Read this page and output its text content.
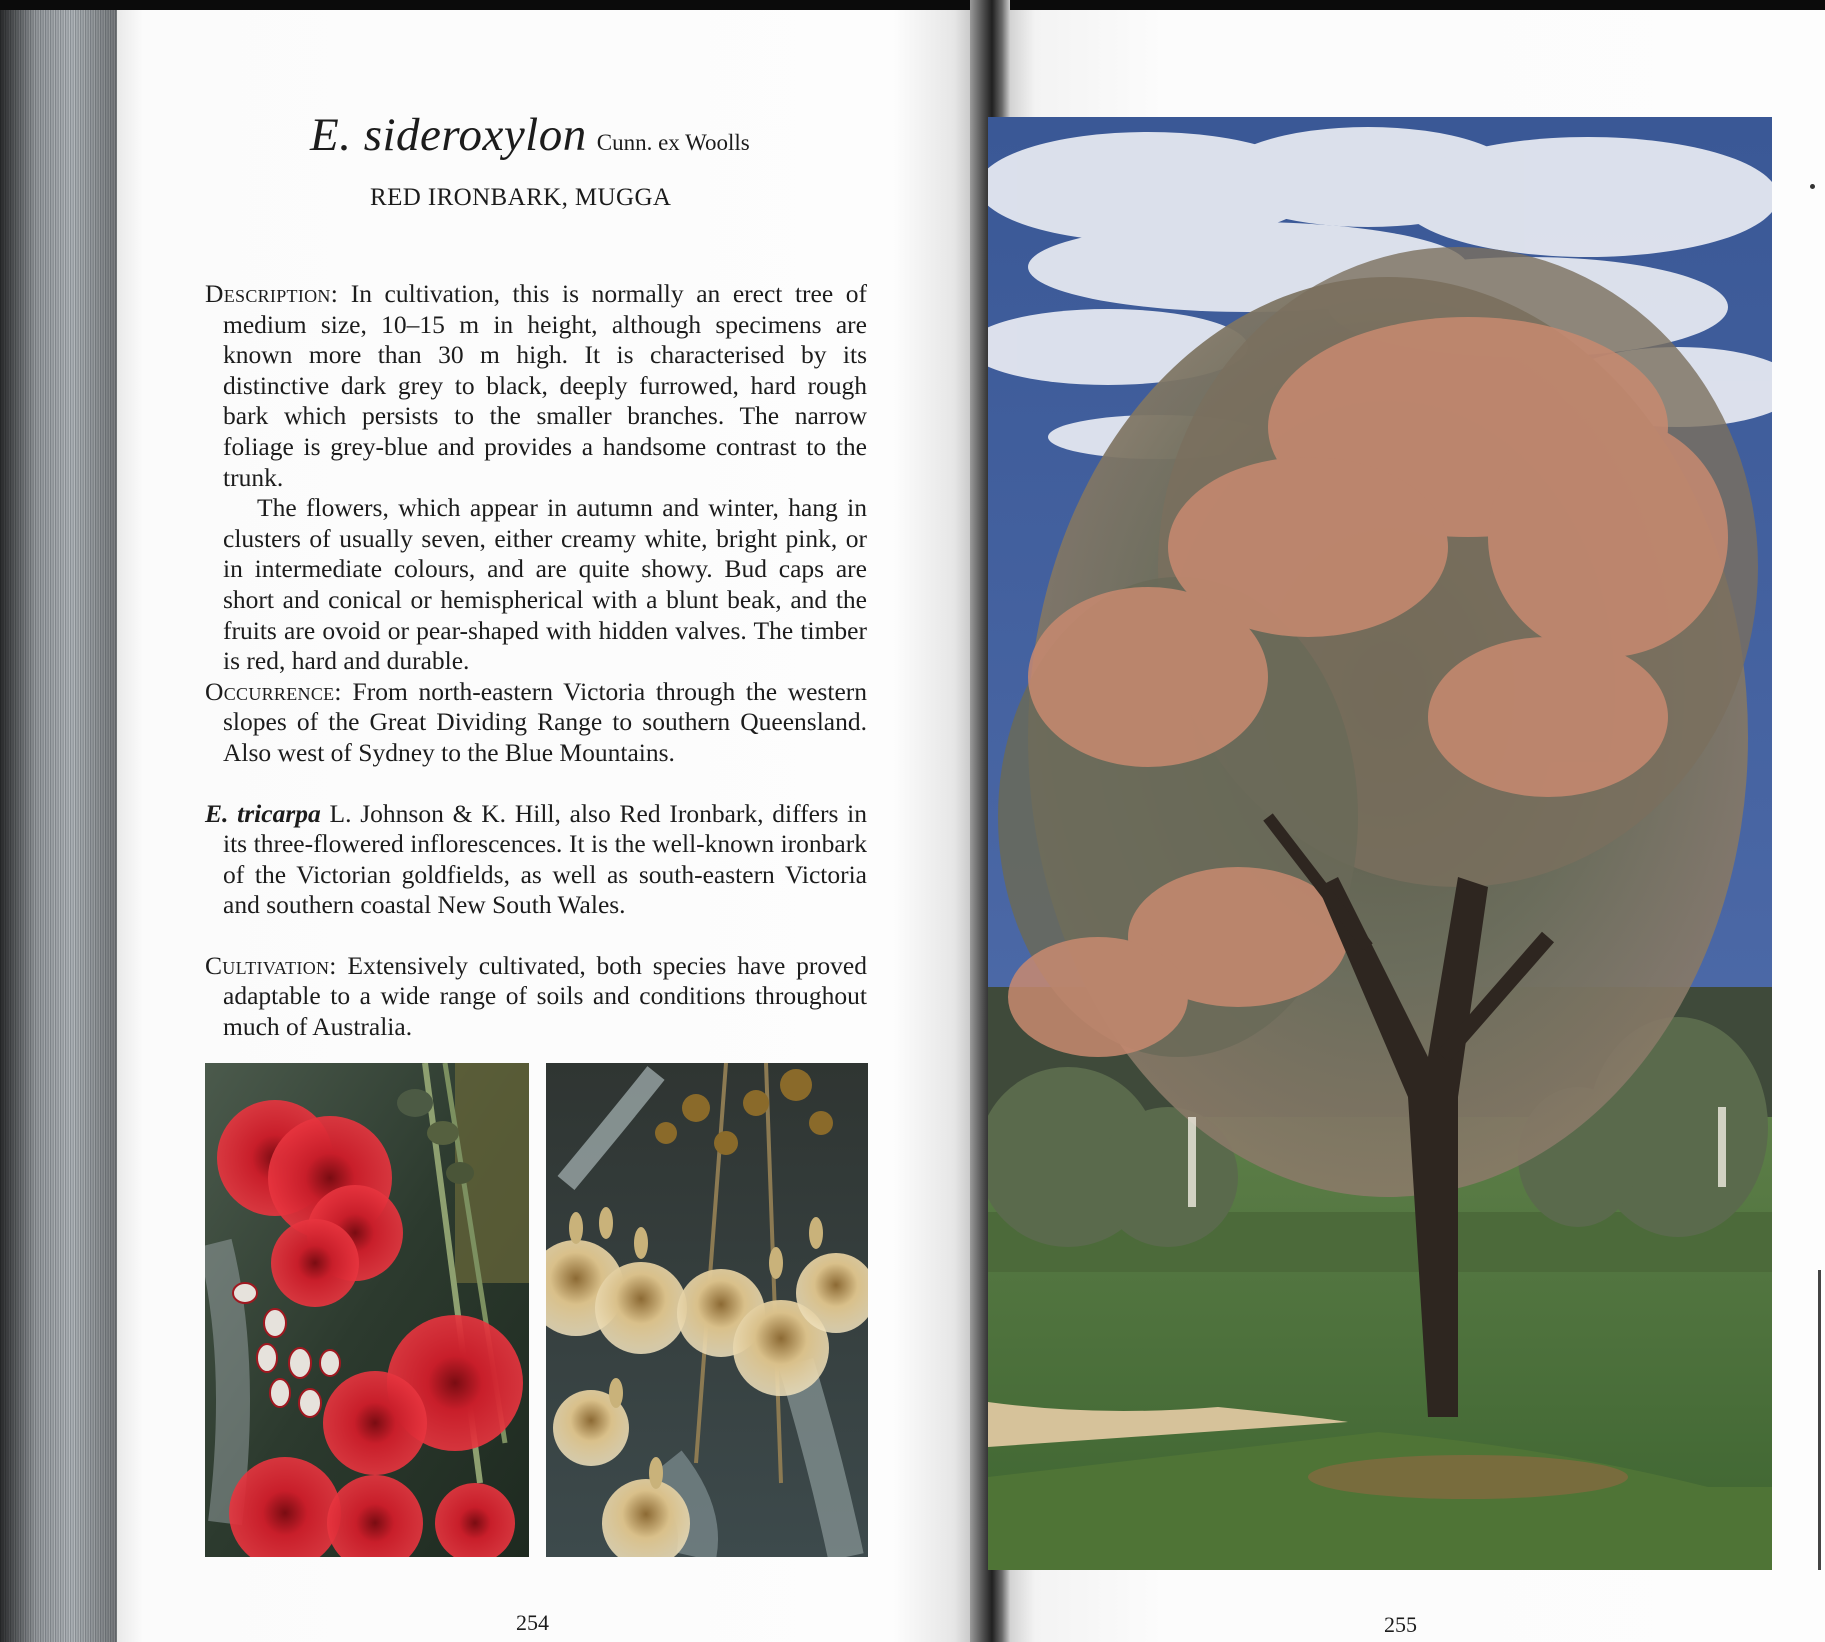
E. sideroxylon Cunn. ex Woolls
RED IRONBARK, MUGGA

Description: In cultivation, this is normally an erect tree of medium size, 10–15 m in height, although specimens are known more than 30 m high. It is characterised by its distinctive dark grey to black, deeply furrowed, hard rough bark which persists to the smaller branches. The narrow foliage is grey-blue and provides a handsome contrast to the trunk.

The flowers, which appear in autumn and winter, hang in clusters of usually seven, either creamy white, bright pink, or in intermediate colours, and are quite showy. Bud caps are short and conical or hemispherical with a blunt beak, and the fruits are ovoid or pear-shaped with hidden valves. The timber is red, hard and durable.

Occurrence: From north-eastern Victoria through the western slopes of the Great Dividing Range to southern Queensland. Also west of Sydney to the Blue Mountains.

E. tricarpa L. Johnson & K. Hill, also Red Ironbark, differs in its three-flowered inflorescences. It is the well-known ironbark of the Victorian goldfields, as well as south-eastern Victoria and southern coastal New South Wales.

Cultivation: Extensively cultivated, both species have proved adaptable to a wide range of soils and conditions throughout much of Australia.

254	255
